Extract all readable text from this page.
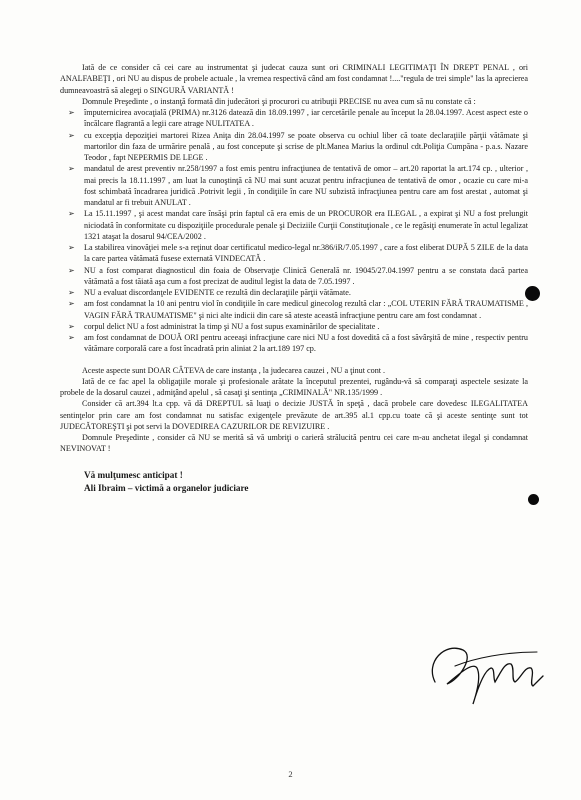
Iată de ce consider că cei care au instrumentat şi judecat cauza sunt ori CRIMINALI LEGITIMAŢI ÎN DREPT PENAL , ori ANALFABEŢI , ori NU au dispus de probele actuale , la vremea respectivă când am fost condamnat !...."regula de trei simple" las la aprecierea dumneavoastră să alegeţi o SINGURĂ VARIANTĂ !

Domnule Preşedinte , o instanţă formată din judecători şi procurori cu atribuţii PRECISE nu avea cum să nu constate că :

➢ împuternicirea avocaţială (PRIMA) nr.3126 datează din 18.09.1997 , iar cercetările penale au început la 28.04.1997. Acest aspect este o încălcare flagrantă a legii care atrage NULITATEA .
➢ cu excepţia depoziţiei martorei Rizea Aniţa din 28.04.1997 se poate observa cu ochiul liber că toate declaraţiile părţii vătămate şi martorilor din faza de urmărire penală , au fost concepute şi scrise de plt.Manea Marius la ordinul cdt.Poliţia Cumpăna - p.a.s. Nazare Teodor , fapt NEPERMIS DE LEGE .
➢ mandatul de arest preventiv nr.258/1997 a fost emis pentru infracţiunea de tentativă de omor – art.20 raportat la art.174 cp. , ulterior , mai precis la 18.11.1997 , am luat la cunoştinţă că NU mai sunt acuzat pentru infracţiunea de tentativă de omor , ocazie cu care mi-a fost schimbată încadrarea juridică .Potrivit legii , în condiţiile în care NU subzistă infracţiunea pentru care am fost arestat , automat şi mandatul ar fi trebuit ANULAT .
➢ La 15.11.1997 , şi acest mandat care însăşi prin faptul că era emis de un PROCUROR era ILEGAL , a expirat şi NU a fost prelungit niciodată în conformitate cu dispoziţiile procedurale penale şi Deciziile Curţii Constituţionale , ce le regăsiţi enumerate în actul legalizat 1321 ataşat la dosarul 94/CEA/2002 .
➢ La stabilirea vinovăţiei mele s-a reţinut doar certificatul medico-legal nr.386/iR/7.05.1997 , care a fost eliberat DUPĂ 5 ZILE de la data la care partea vătămată fusese externată VINDECATĂ .
➢ NU a fost comparat diagnosticul din foaia de Observaţie Clinică Generală nr. 19045/27.04.1997 pentru a se constata dacă partea vătămată a fost tăiată aşa cum a fost precizat de auditul legist la data de 7.05.1997 .
➢ NU a evaluat discordanţele EVIDENTE ce rezultă din declaraţiile părţii vătămate.
➢ am fost condamnat la 10 ani pentru viol în condiţiile în care medicul ginecolog rezultă clar : „COL UTERIN FĂRĂ TRAUMATISME , VAGIN FĂRĂ TRAUMATISME" şi nici alte indicii din care să ateste această infracţiune pentru care am fost condamnat .
➢ corpul delict NU a fost administrat la timp şi NU a fost supus examinărilor de specialitate .
➢ am fost condamnat de DOUĂ ORI pentru aceeaşi infracţiune care nici NU a fost dovedită că a fost săvârşită de mine , respectiv pentru vătămare corporală care a fost încadrată prin aliniat 2 la art.189 197 cp.

Aceste aspecte sunt DOAR CÂTEVA de care instanţa , la judecarea cauzei , NU a ţinut cont .

Iată de ce fac apel la obligaţiile morale şi profesionale arătate la începutul prezentei, rugându-vă să comparaţi aspectele sesizate la probele de la dosarul cauzei , admiţând apelul , să casaţi şi sentinţa „CRIMINALĂ" NR.135/1999 .

Consider că art.394 lt.a cpp. vă dă DREPTUL să luaţi o decizie JUSTĂ în speţă , dacă probele care dovedesc ILEGALITATEA sentinţelor prin care am fost condamnat nu satisfac exigenţele prevăzute de art.395 al.1 cpp.cu toate că şi aceste sentinţe sunt tot JUDECĂTOREŞTI şi pot servi la DOVEDIREA CAZURILOR DE REVIZUIRE .

Domnule Preşedinte , consider că NU se merită să vă umbriţi o carieră strălucită pentru cei care m-au anchetat ilegal şi condamnat NEVINOVAT !

Vă mulţumesc anticipat !
Ali Ibraim – victimă a organelor judiciare
2
